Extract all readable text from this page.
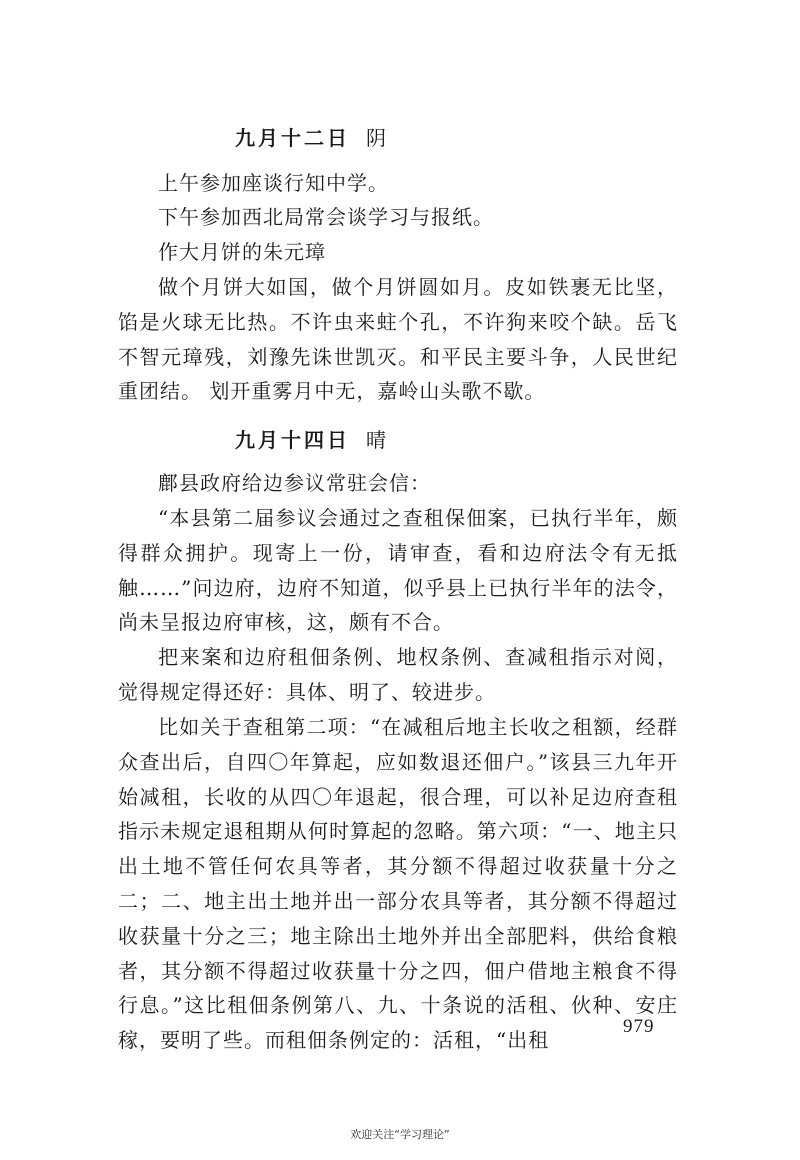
九月十二日 阴

上午参加座谈行知中学。

下午参加西北局常会谈学习与报纸。

作大月饼的朱元璋

做个月饼大如国，做个月饼圆如月。皮如铁裹无比坚，馅是火球无比热。不许虫来蛀个孔，不许狗来咬个缺。岳飞不智元璋残，刘豫先诛世凯灭。和平民主要斗争，人民世纪重团结。 划开重雾月中无，嘉岭山头歌不歇。

九月十四日 晴

鄜县政府给边参议常驻会信：

“本县第二届参议会通过之查租保佃案，已执行半年，颇得群众拥护。现寄上一份，请审查，看和边府法令有无抵触……”问边府，边府不知道，似乎县上已执行半年的法令，尚未呈报边府审核，这，颇有不合。

把来案和边府租佃条例、地权条例、查减租指示对阅，觉得规定得还好：具体、明了、较进步。

比如关于查租第二项：“在减租后地主长收之租额，经群众查出后，自四〇年算起，应如数退还佃户。”该县三九年开始减租，长收的从四〇年退起，很合理，可以补足边府查租指示未规定退租期从何时算起的忽略。第六项：“一、地主只出土地不管任何农具等者，其分额不得超过收获量十分之二；二、地主出土地并出一部分农具等者，其分额不得超过收获量十分之三；地主除出土地外并出全部肥料，供给食粮者，其分额不得超过收获量十分之四，佃户借地主粮食不得行息。”这比租佃条例第八、九、十条说的活租、伙种、安庄稼，要明了些。而租佃条例定的：活租，“出租

979
欢迎关注“学习理论”
